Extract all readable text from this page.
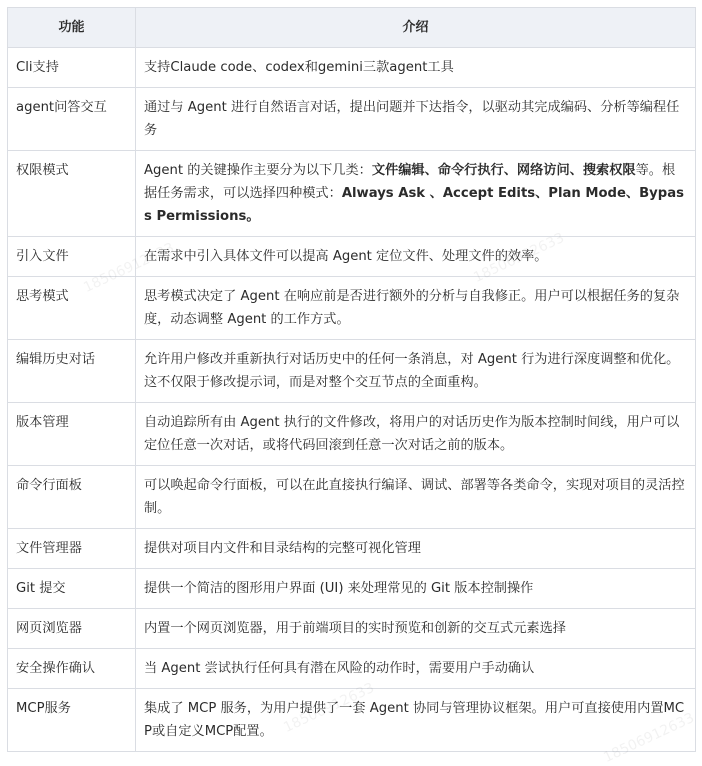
功能	介绍
Cli支持	支持Claude code、codex和gemini三款agent工具
agent问答交互	通过与 Agent 进行自然语言对话，提出问题并下达指令，以驱动其完成编码、分析等编程任务
权限模式	Agent 的关键操作主要分为以下几类：文件编辑、命令行执行、网络访问、搜索权限等。根据任务需求，可以选择四种模式：Always Ask 、Accept Edits、Plan Mode、Bypass Permissions。
引入文件	在需求中引入具体文件可以提高 Agent 定位文件、处理文件的效率。
思考模式	思考模式决定了 Agent 在响应前是否进行额外的分析与自我修正。用户可以根据任务的复杂度，动态调整 Agent 的工作方式。
编辑历史对话	允许用户修改并重新执行对话历史中的任何一条消息，对 Agent 行为进行深度调整和优化。这不仅限于修改提示词，而是对整个交互节点的全面重构。
版本管理	自动追踪所有由 Agent 执行的文件修改，将用户的对话历史作为版本控制时间线，用户可以定位任意一次对话，或将代码回滚到任意一次对话之前的版本。
命令行面板	可以唤起命令行面板，可以在此直接执行编译、调试、部署等各类命令，实现对项目的灵活控制。
文件管理器	提供对项目内文件和目录结构的完整可视化管理
Git 提交	提供一个简洁的图形用户界面 (UI) 来处理常见的 Git 版本控制操作
网页浏览器	内置一个网页浏览器，用于前端项目的实时预览和创新的交互式元素选择
安全操作确认	当 Agent 尝试执行任何具有潜在风险的动作时，需要用户手动确认
MCP服务	集成了 MCP 服务，为用户提供了一套 Agent 协同与管理协议框架。用户可直接使用内置MCP或自定义MCP配置。
18506912633	18506912633
18506912633
18506912633
